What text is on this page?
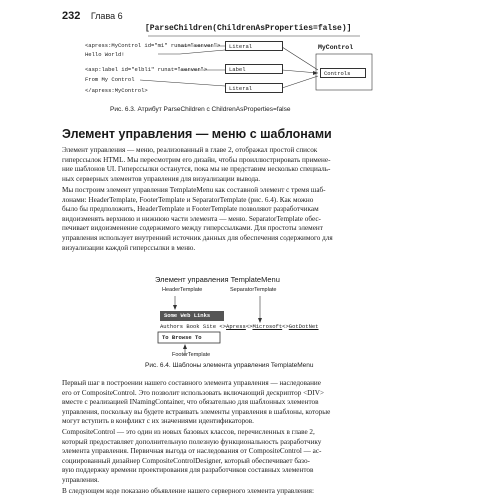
232 Глава 6
[ParseChildren(ChildrenAsProperties=false)]
<apress:MyControl id="m1" runat="server">
Hello World!
<asp:label id="elbl1" runat="server">
From My Control
</apress:MyControl>
Literal
Label
Literal
MyControl
Controls
Рис. 6.3. Атрибут ParseChildren с ChildrenAsProperties=false
Элемент управления — меню с шаблонами
Элемент управления — меню, реализованный в главе 2, отображал простой список
гиперссылок HTML. Мы пересмотрим его дизайн, чтобы проиллюстрировать примене-
ние шаблонов UI. Гиперссылки останутся, пока мы не представим несколько специаль-
ных серверных элементов управления для визуализации вывода.
Мы построим элемент управления TemplateMenu как составной элемент с тремя шаб-
лонами: HeaderTemplate, FooterTemplate и SeparatorTemplate (рис. 6.4). Как можно
было бы предположить, HeaderTemplate и FooterTemplate позволяют разработчикам
видоизменять верхнюю и нижнюю части элемента — меню. SeparatorTemplate обес-
печивает видоизменение содержимого между гиперссылками. Для простоты элемент
управления использует внутренний источник данных для обеспечения содержимого для
визуализации каждой гиперссылки в меню.
Элемент управления TemplateMenu
HeaderTemplate	SeparatorTemplate
Some Web Links
Authors Book Site <>Apress<>Microsoft<>GotDotNet
To Browse To
FooterTemplate
Рис. 6.4. Шаблоны элемента управления TemplateMenu
Первый шаг в построении нашего составного элемента управления — наследование
его от CompositeControl. Это позволит использовать включающий дескриптор <DIV>
вместе с реализацией INamingContainer, что обязательно для шаблонных элементов
управления, поскольку вы будете встраивать элементы управления в шаблоны, которые
могут вступить в конфликт с их значениями идентификаторов.
CompositeControl — это один из новых базовых классов, перечисленных в главе 2,
который предоставляет дополнительную полезную функциональность разработчику
элемента управления. Первичная выгода от наследования от CompositeControl — ас-
социированный дизайнер CompositeControlDesigner, который обеспечивает базо-
вую поддержку времени проектирования для разработчиков составных элементов
управления.
В следующем коде показано объявление нашего серверного элемента управления:
